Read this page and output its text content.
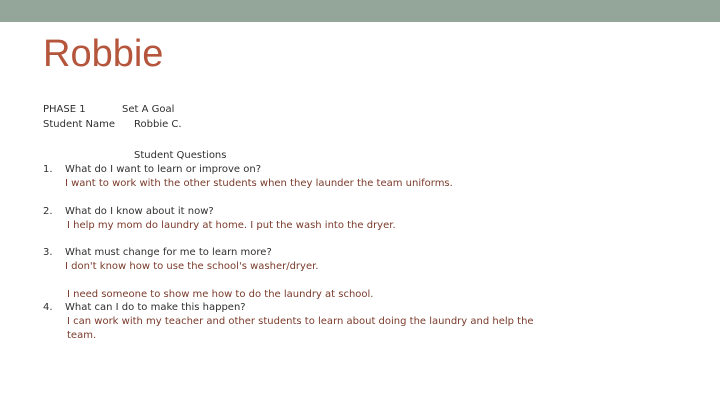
Robbie
PHASE 1	Set A Goal
Student Name Robbie C.
Student Questions
1. What do I want to learn or improve on?
I want to work with the other students when they launder the team uniforms.
2. What do I know about it now?
I help my mom do laundry at home. I put the wash into the dryer.
3. What must change for me to learn more?
I don't know how to use the school's washer/dryer.
I need someone to show me how to do the laundry at school.
4. What can I do to make this happen?
I can work with my teacher and other students to learn about doing the laundry and help the
team.
